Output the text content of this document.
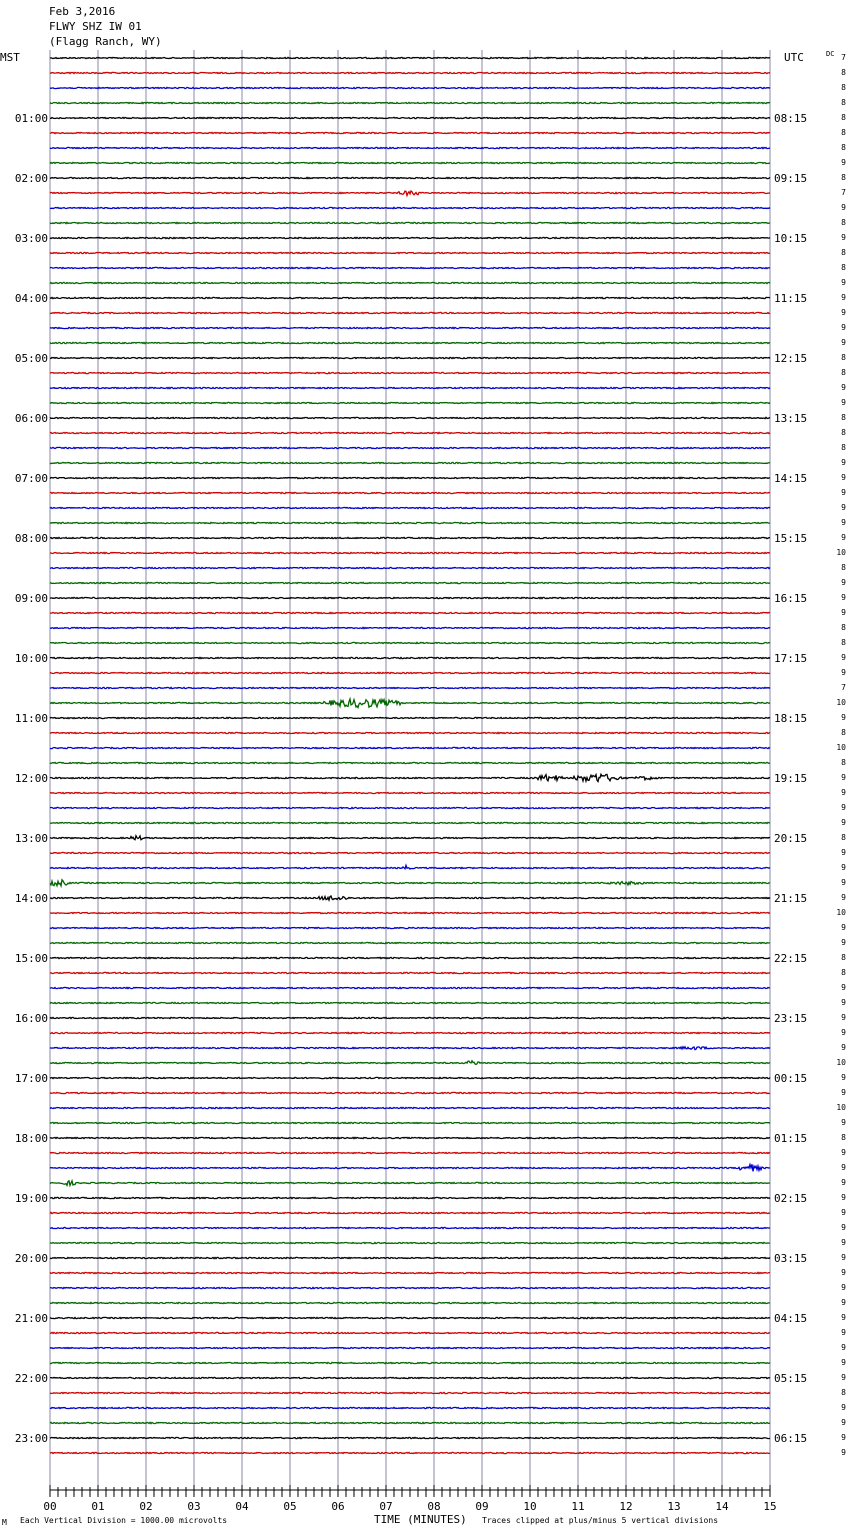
Feb 3,2016
FLWY SHZ IW 01
(Flagg Ranch, WY)
7
8
8
8
8
8
8
9
8
7
9
8
9
8
8
9
9
9
9
9
8
8
9
9
8
8
8
9
9
9
9
9
9
10
8
9
9
9
8
8
9
9
7
10
9
8
10
8
9
9
9
9
8
9
9
9
9
10
9
9
8
8
9
9
9
9
9
10
9
9
10
9
8
9
9
9
9
9
9
9
9
9
9
9
9
9
9
9
9
8
9
9
9
9
MST	UTC	DC
01:00
02:00
03:00
04:00
05:00
06:00
07:00
08:00
09:00
10:00
11:00
12:00
13:00
14:00
15:00
16:00
17:00
18:00
19:00
20:00
21:00
22:00
23:00
08:15
09:15
10:15
11:15
12:15
13:15
14:15
15:15
16:15
17:15
18:15
19:15
20:15
21:15
22:15
23:15
00:15
01:15
02:15
03:15
04:15
05:15
06:15
00	01	02	03	04	05	06	07	08	09	10	11	12	13	14	15
M Each Vertical Division = 1000.00 microvolts	TIME (MINUTES) Traces clipped at plus/minus 5 vertical divisions
